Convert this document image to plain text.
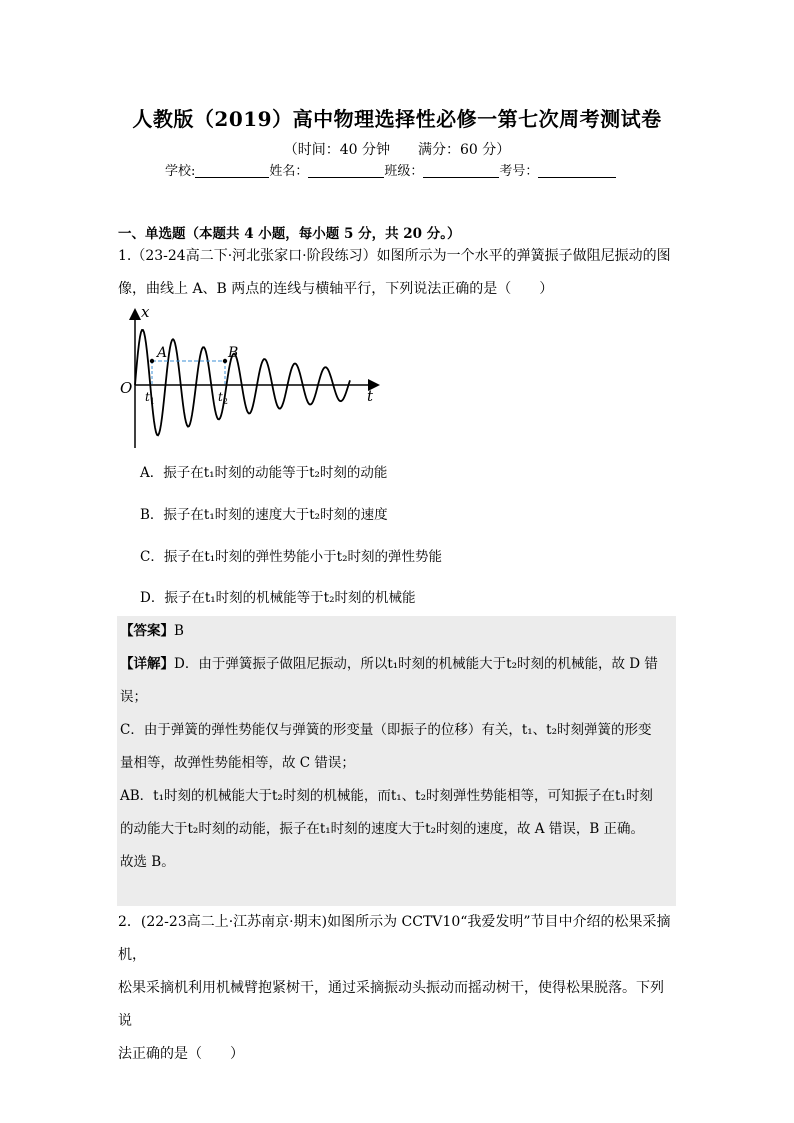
人教版（2019）高中物理选择性必修一第七次周考测试卷
（时间：40 分钟　　满分：60 分）
学校:	姓名：	班级：	考号：
一、单选题（本题共 4 小题，每小题 5 分，共 20 分。）
1.（23-24高二下·河北张家口·阶段练习）如图所示为一个水平的弹簧振子做阻尼振动的图
像，曲线上 A、B 两点的连线与横轴平行，下列说法正确的是（　　）
x
t
O
A	B
$t_1$	$t_2$
A．振子在t₁时刻的动能等于t₂时刻的动能
B．振子在t₁时刻的速度大于t₂时刻的速度
C．振子在t₁时刻的弹性势能小于t₂时刻的弹性势能
D．振子在t₁时刻的机械能等于t₂时刻的机械能
【答案】B
【详解】D．由于弹簧振子做阻尼振动，所以t₁时刻的机械能大于t₂时刻的机械能，故 D 错
误；
C．由于弹簧的弹性势能仅与弹簧的形变量（即振子的位移）有关，t₁、t₂时刻弹簧的形变
量相等，故弹性势能相等，故 C 错误；
AB．t₁时刻的机械能大于t₂时刻的机械能，而t₁、t₂时刻弹性势能相等，可知振子在t₁时刻
的动能大于t₂时刻的动能，振子在t₁时刻的速度大于t₂时刻的速度，故 A 错误，B 正确。
故选 B。
2．(22-23高二上·江苏南京·期末)如图所示为 CCTV10“我爱发明”节目中介绍的松果采摘机，
松果采摘机利用机械臂抱紧树干，通过采摘振动头振动而摇动树干，使得松果脱落。下列说
法正确的是（　　）
